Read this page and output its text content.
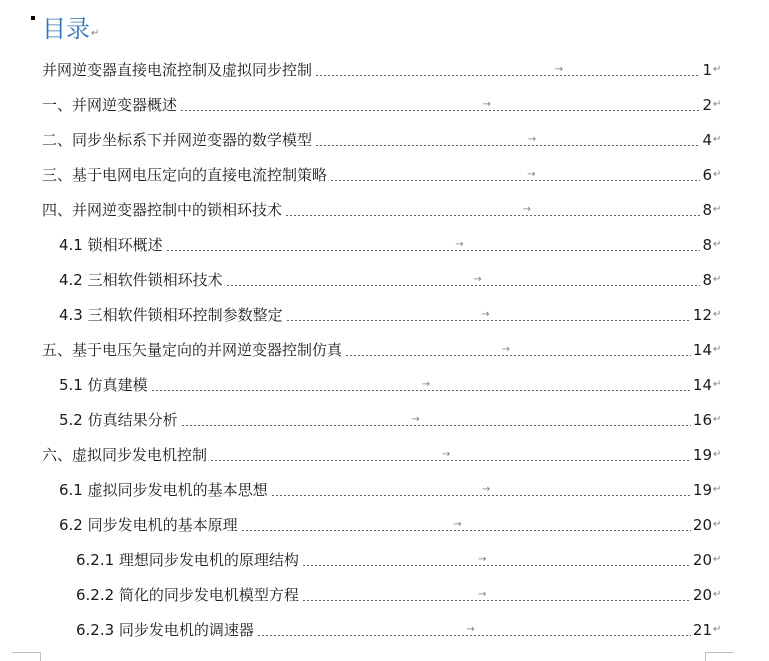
目录↵
并网逆变器直接电流控制及虚拟同步控制	→	1 ↵
一、并网逆变器概述	→	2 ↵
二、同步坐标系下并网逆变器的数学模型	→	4 ↵
三、基于电网电压定向的直接电流控制策略	→	6 ↵
四、并网逆变器控制中的锁相环技术	→	8 ↵
4.1 锁相环概述	→	8 ↵
4.2 三相软件锁相环技术	→	8 ↵
4.3 三相软件锁相环控制参数整定	→	12 ↵
五、基于电压矢量定向的并网逆变器控制仿真	→	14 ↵
5.1 仿真建模	→	14 ↵
5.2 仿真结果分析	→	16 ↵
六、虚拟同步发电机控制	→	19 ↵
6.1 虚拟同步发电机的基本思想	→	19 ↵
6.2 同步发电机的基本原理	→	20 ↵
6.2.1 理想同步发电机的原理结构	→	20 ↵
6.2.2 简化的同步发电机模型方程	→	20 ↵
6.2.3 同步发电机的调速器	→	21 ↵
